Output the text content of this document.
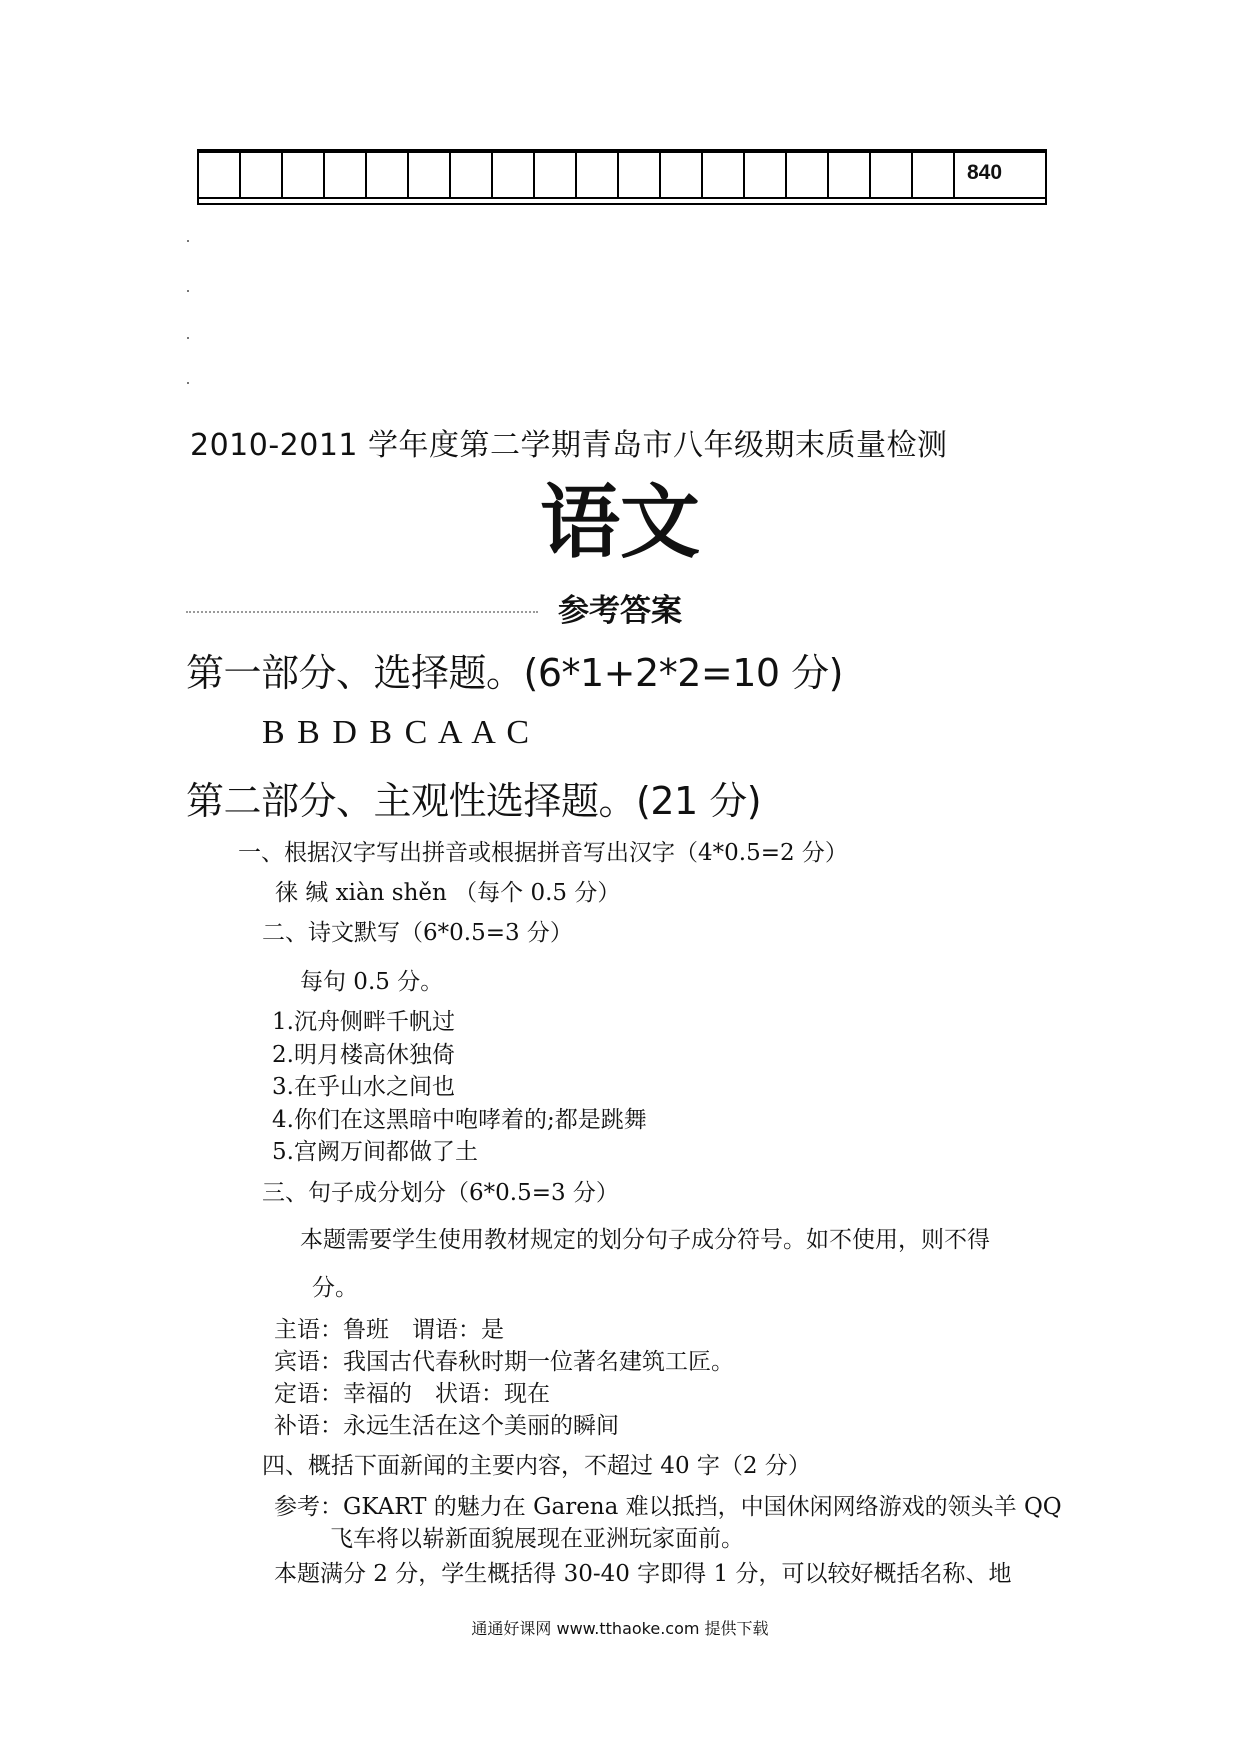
840
2010-2011 学年度第二学期青岛市八年级期末质量检测
语文
参考答案
第一部分、选择题。(6*1+2*2=10 分)
B B D B C A A C
第二部分、主观性选择题。(21 分)
一、根据汉字写出拼音或根据拼音写出汉字（4*0.5=2 分）
徕 缄 xiàn shěn （每个 0.5 分）
二、诗文默写（6*0.5=3 分）
每句 0.5 分。
1.沉舟侧畔千帆过
2.明月楼高休独倚
3.在乎山水之间也
4.你们在这黑暗中咆哮着的;都是跳舞
5.宫阙万间都做了土
三、句子成分划分（6*0.5=3 分）
本题需要学生使用教材规定的划分句子成分符号。如不使用，则不得
分。
主语：鲁班　谓语：是
宾语：我国古代春秋时期一位著名建筑工匠。
定语：幸福的　状语：现在
补语：永远生活在这个美丽的瞬间
四、概括下面新闻的主要内容，不超过 40 字（2 分）
参考：GKART 的魅力在 Garena 难以抵挡，中国休闲网络游戏的领头羊 QQ
飞车将以崭新面貌展现在亚洲玩家面前。
本题满分 2 分，学生概括得 30-40 字即得 1 分，可以较好概括名称、地
通通好课网 www.tthaoke.com 提供下载
